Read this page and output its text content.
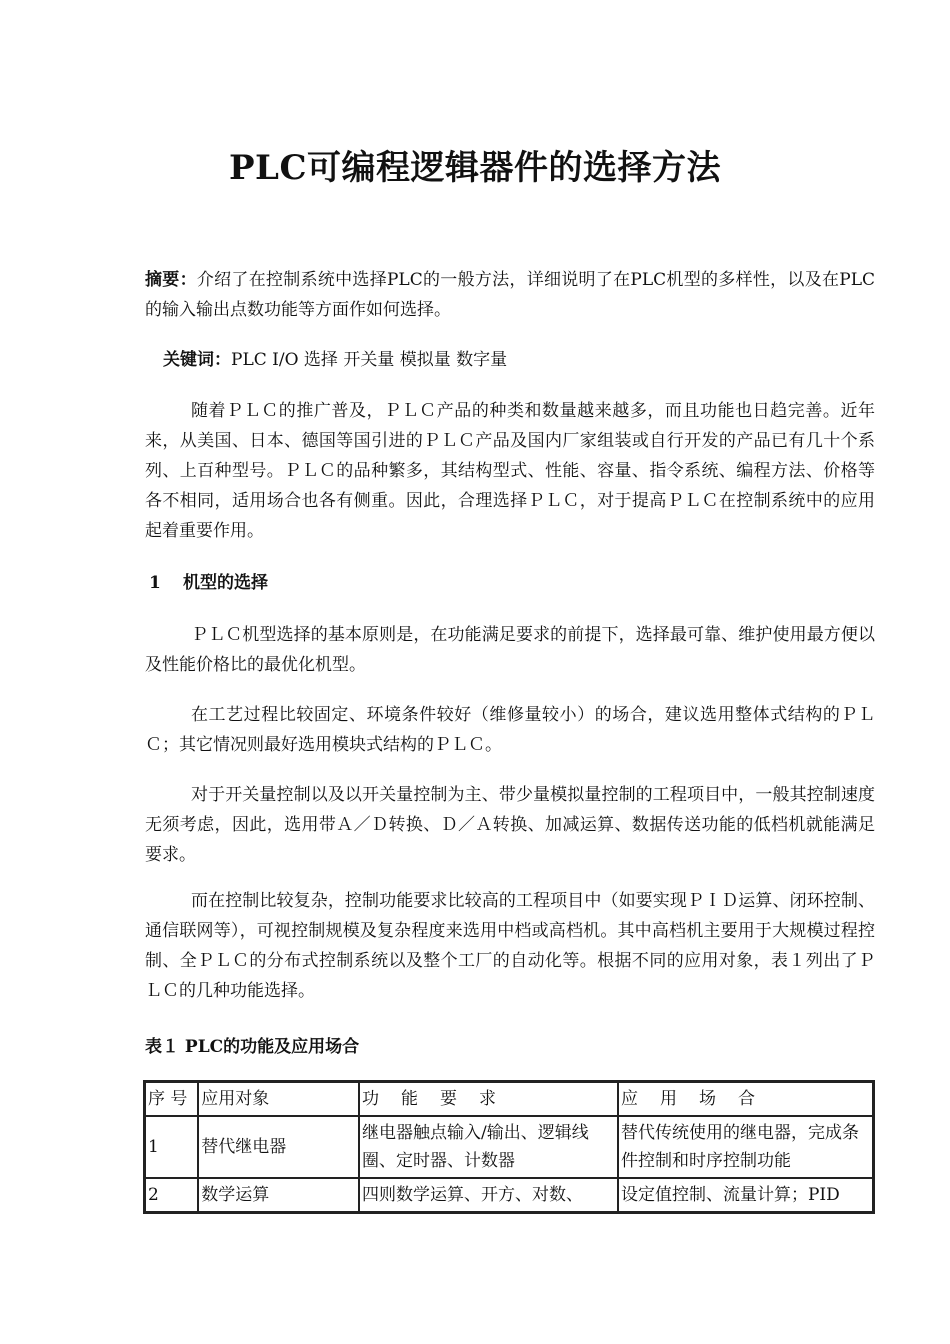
PLC可编程逻辑器件的选择方法

摘要：介绍了在控制系统中选择PLC的一般方法，详细说明了在PLC机型的多样性，以及在PLC的输入输出点数功能等方面作如何选择。

关键词：PLC I/O 选择 开关量 模拟量 数字量

随着ＰＬＣ的推广普及，ＰＬＣ产品的种类和数量越来越多，而且功能也日趋完善。近年来，从美国、日本、德国等国引进的ＰＬＣ产品及国内厂家组装或自行开发的产品已有几十个系列、上百种型号。ＰＬＣ的品种繁多，其结构型式、性能、容量、指令系统、编程方法、价格等各不相同，适用场合也各有侧重。因此，合理选择ＰＬＣ，对于提高ＰＬＣ在控制系统中的应用起着重要作用。

1 机型的选择

ＰＬＣ机型选择的基本原则是，在功能满足要求的前提下，选择最可靠、维护使用最方便以及性能价格比的最优化机型。

在工艺过程比较固定、环境条件较好（维修量较小）的场合，建议选用整体式结构的ＰＬＣ；其它情况则最好选用模块式结构的ＰＬＣ。

对于开关量控制以及以开关量控制为主、带少量模拟量控制的工程项目中，一般其控制速度无须考虑，因此，选用带Ａ／Ｄ转换、Ｄ／Ａ转换、加减运算、数据传送功能的低档机就能满足要求。

而在控制比较复杂，控制功能要求比较高的工程项目中（如要实现ＰＩＤ运算、闭环控制、通信联网等），可视控制规模及复杂程度来选用中档或高档机。其中高档机主要用于大规模过程控制、全ＰＬＣ的分布式控制系统以及整个工厂的自动化等。根据不同的应用对象，表１列出了ＰＬＣ的几种功能选择。

表１ PLC的功能及应用场合

序 号	应用对象	功能要求	应用场合
1	替代继电器	继电器触点输入/输出、逻辑线圈、定时器、计数器	替代传统使用的继电器，完成条件控制和时序控制功能
2	数学运算	四则数学运算、开方、对数、	设定值控制、流量计算；PID
